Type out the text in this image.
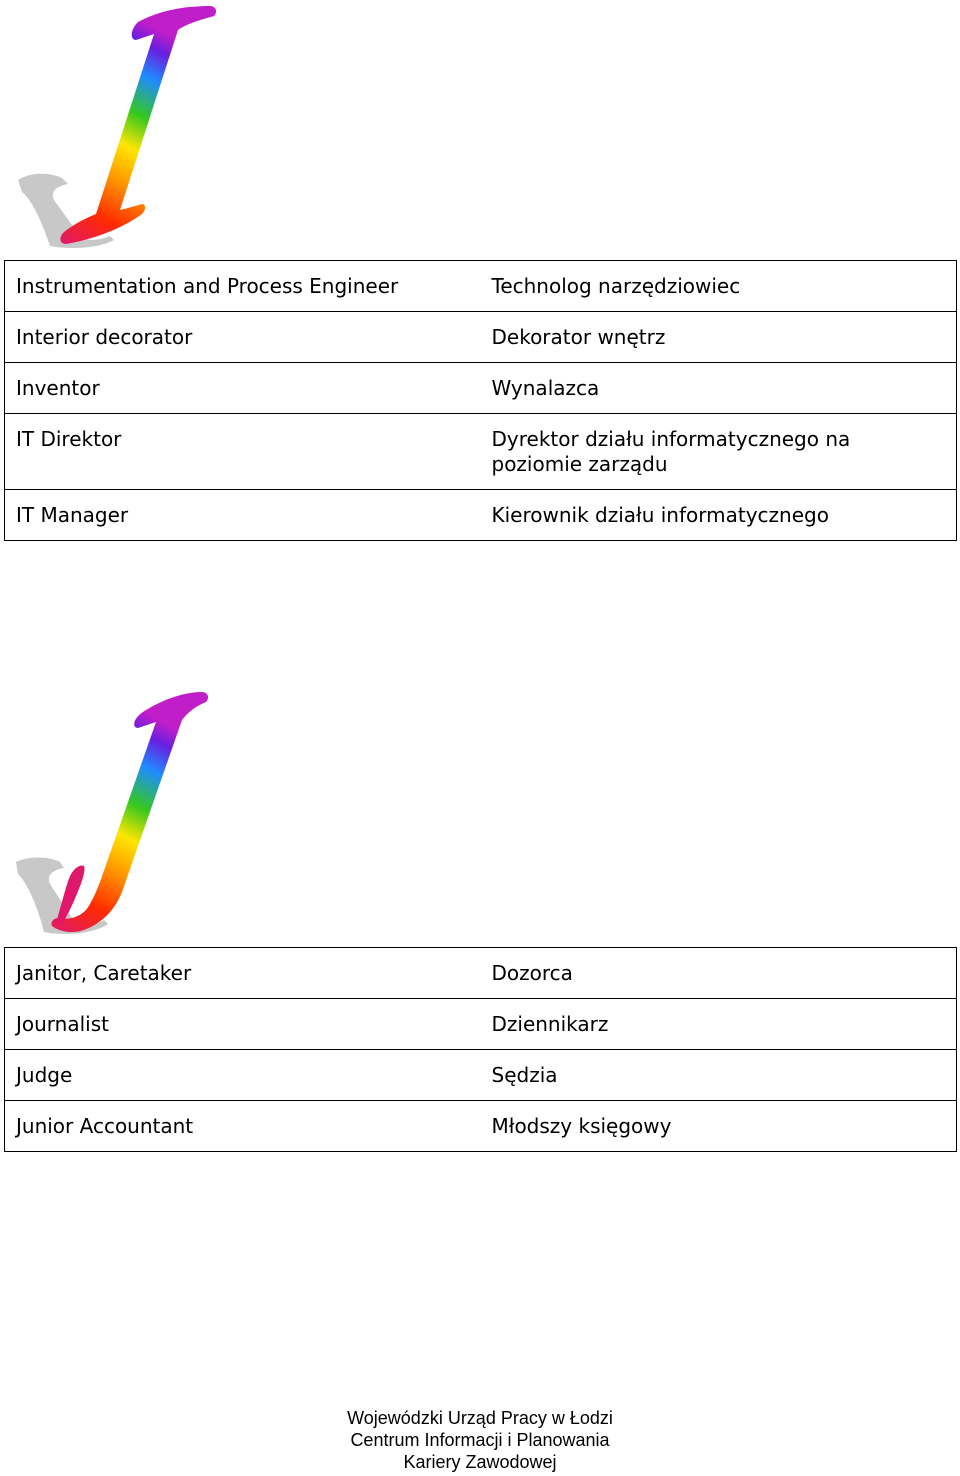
Instrumentation and Process Engineer	Technolog narzędziowiec
Interior decorator	Dekorator wnętrz
Inventor	Wynalazca
IT Direktor	Dyrektor działu informatycznego na poziomie zarządu
IT Manager	Kierownik działu informatycznego
Janitor, Caretaker	Dozorca
Journalist	Dziennikarz
Judge	Sędzia
Junior Accountant	Młodszy księgowy
Wojewódzki Urząd Pracy w Łodzi
Centrum Informacji i Planowania
Kariery Zawodowej
